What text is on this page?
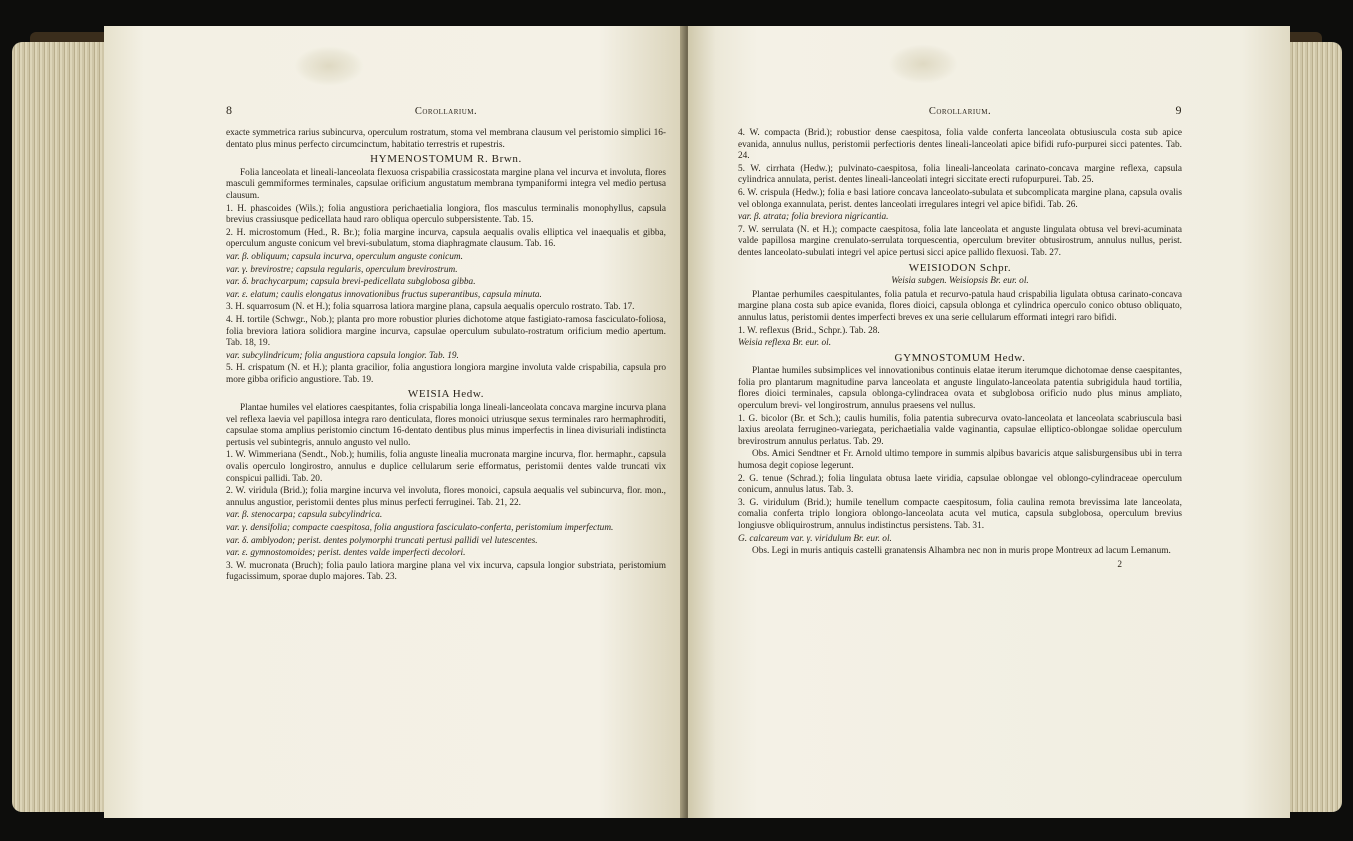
8	Corollarium.

exacte symmetrica rarius subincurva, operculum rostratum, stoma vel membrana clausum vel peristomio simplici 16-dentato plus minus perfecto circumcinctum, habitatio terrestris et rupestris.

HYMENOSTOMUM R. Brwn.

Folia lanceolata et lineali-lanceolata flexuosa crispabilia crassicostata margine plana vel incurva et involuta, flores masculi gemmiformes terminales, capsulae orificium angustatum membrana tympaniformi integra vel medio pertusa clausum.

1. H. phascoides (Wils.); folia angustiora perichaetialia longiora, flos masculus terminalis monophyllus, capsula brevius crassiusque pedicellata haud raro obliqua operculo subpersistente. Tab. 15.

2. H. microstomum (Hed., R. Br.); folia margine incurva, capsula aequalis ovalis elliptica vel inaequalis et gibba, operculum anguste conicum vel brevi-subulatum, stoma diaphragmate clausum. Tab. 16.

var. β. obliquum; capsula incurva, operculum anguste conicum.

var. γ. brevirostre; capsula regularis, operculum brevirostrum.

var. δ. brachycarpum; capsula brevi-pedicellata subglobosa gibba.

var. ε. elatum; caulis elongatus innovationibus fructus superantibus, capsula minuta.

3. H. squarrosum (N. et H.); folia squarrosa latiora margine plana, capsula aequalis operculo rostrato. Tab. 17.

4. H. tortile (Schwgr., Nob.); planta pro more robustior pluries dichotome atque fastigiato-ramosa fasciculato-foliosa, folia breviora latiora solidiora margine incurva, capsulae operculum subulato-rostratum orificium medio apertum. Tab. 18, 19.

var. subcylindricum; folia angustiora capsula longior. Tab. 19.

5. H. crispatum (N. et H.); planta gracilior, folia angustiora longiora margine involuta valde crispabilia, capsula pro more gibba orificio angustiore. Tab. 19.

WEISIA Hedw.

Plantae humiles vel elatiores caespitantes, folia crispabilia longa lineali-lanceolata concava margine incurva plana vel reflexa laevia vel papillosa integra raro denticulata, flores monoici utriusque sexus terminales raro hermaphroditi, capsulae stoma amplius peristomio cinctum 16-dentato dentibus plus minus imperfectis in linea divisuriali indistincta pertusis vel subintegris, annulo angusto vel nullo.

1. W. Wimmeriana (Sendt., Nob.); humilis, folia anguste linealia mucronata margine incurva, flor. hermaphr., capsula ovalis operculo longirostro, annulus e duplice cellularum serie efformatus, peristomii dentes valde truncati vix conspicui pallidi. Tab. 20.

2. W. viridula (Brid.); folia margine incurva vel involuta, flores monoici, capsula aequalis vel subincurva, flor. mon., annulus angustior, peristomii dentes plus minus perfecti ferruginei. Tab. 21, 22.

var. β. stenocarpa; capsula subcylindrica.

var. γ. densifolia; compacte caespitosa, folia angustiora fasciculato-conferta, peristomium imperfectum.

var. δ. amblyodon; perist. dentes polymorphi truncati pertusi pallidi vel lutescentes.

var. ε. gymnostomoides; perist. dentes valde imperfecti decolori.

3. W. mucronata (Bruch); folia paulo latiora margine plana vel vix incurva, capsula longior substriata, peristomium fugacissimum, sporae duplo majores. Tab. 23.

Corollarium.	9

4. W. compacta (Brid.); robustior dense caespitosa, folia valde conferta lanceolata obtusiuscula costa sub apice evanida, annulus nullus, peristomii perfectioris dentes lineali-lanceolati apice bifidi rufo-purpurei sicci patentes. Tab. 24.

5. W. cirrhata (Hedw.); pulvinato-caespitosa, folia lineali-lanceolata carinato-concava margine reflexa, capsula cylindrica annulata, perist. dentes lineali-lanceolati integri siccitate erecti rufopurpurei. Tab. 25.

6. W. crispula (Hedw.); folia e basi latiore concava lanceolato-subulata et subcomplicata margine plana, capsula ovalis vel oblonga exannulata, perist. dentes lanceolati irregulares integri vel apice bifidi. Tab. 26.

var. β. atrata; folia breviora nigricantia.

7. W. serrulata (N. et H.); compacte caespitosa, folia late lanceolata et anguste lingulata obtusa vel brevi-acuminata valde papillosa margine crenulato-serrulata torquescentia, operculum breviter obtusirostrum, annulus nullus, perist. dentes lanceolato-subulati integri vel apice pertusi sicci apice pallido flexuosi. Tab. 27.

WEISIODON Schpr.

Weisia subgen. Weisiopsis Br. eur. ol.

Plantae perhumiles caespitulantes, folia patula et recurvo-patula haud crispabilia ligulata obtusa carinato-concava margine plana costa sub apice evanida, flores dioici, capsula oblonga et cylindrica operculo conico obtuso obliquato, annulus latus, peristomii dentes imperfecti breves ex una serie cellularum efformati integri raro bifidi.

1. W. reflexus (Brid., Schpr.). Tab. 28.

Weisia reflexa Br. eur. ol.

GYMNOSTOMUM Hedw.

Plantae humiles subsimplices vel innovationibus continuis elatae iterum iterumque dichotomae dense caespitantes, folia pro plantarum magnitudine parva lanceolata et anguste lingulato-lanceolata patentia subrigidula haud tortilia, flores dioici terminales, capsula oblonga-cylindracea ovata et subglobosa orificio nudo plus minus ampliato, operculum brevi- vel longirostrum, annulus praesens vel nullus.

1. G. bicolor (Br. et Sch.); caulis humilis, folia patentia subrecurva ovato-lanceolata et lanceolata scabriuscula basi laxius areolata ferrugineo-variegata, perichaetialia valde vaginantia, capsulae elliptico-oblongae solidae operculum brevirostrum annulus perlatus. Tab. 29.

Obs. Amici Sendtner et Fr. Arnold ultimo tempore in summis alpibus bavaricis atque salisburgensibus ubi in terra humosa degit copiose legerunt.

2. G. tenue (Schrad.); folia lingulata obtusa laete viridia, capsulae oblongae vel oblongo-cylindraceae operculum conicum, annulus latus. Tab. 3.

3. G. viridulum (Brid.); humile tenellum compacte caespitosum, folia caulina remota brevissima late lanceolata, comalia conferta triplo longiora oblongo-lanceolata acuta vel mutica, capsula subglobosa, operculum brevius longiusve obliquirostrum, annulus indistinctus persistens. Tab. 31.

G. calcareum var. γ. viridulum Br. eur. ol.

Obs. Legi in muris antiquis castelli granatensis Alhambra nec non in muris prope Montreux ad lacum Lemanum.

2
